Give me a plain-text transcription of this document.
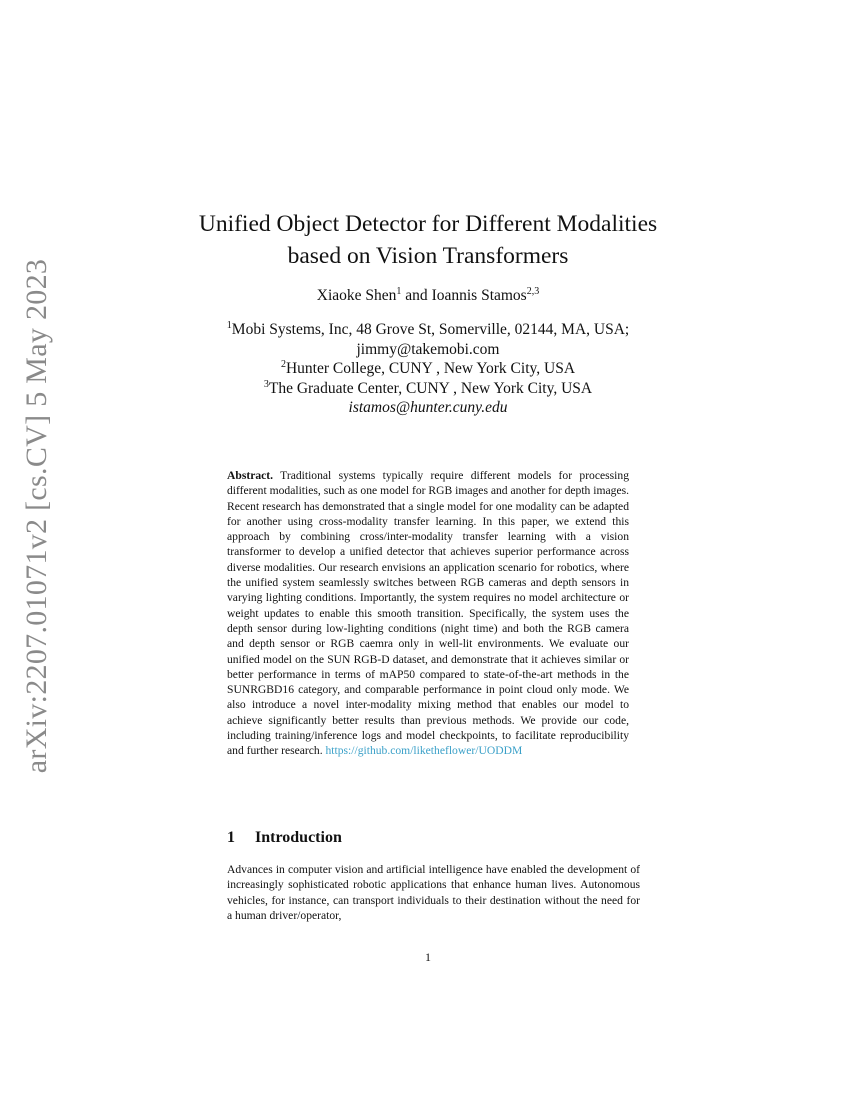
arXiv:2207.01071v2 [cs.CV] 5 May 2023
Unified Object Detector for Different Modalities
based on Vision Transformers
Xiaoke Shen$^1$ and Ioannis Stamos$^{2,3}$
$^1$Mobi Systems, Inc, 48 Grove St, Somerville, 02144, MA, USA;
jimmy@takemobi.com
$^2$Hunter College, CUNY , New York City, USA
$^3$The Graduate Center, CUNY , New York City, USA
istamos@hunter.cuny.edu
Abstract. Traditional systems typically require different models for processing different modalities, such as one model for RGB images and another for depth images. Recent research has demonstrated that a single model for one modality can be adapted for another using cross-modality transfer learning. In this paper, we extend this approach by combining cross/inter-modality transfer learning with a vision transformer to develop a unified detector that achieves superior performance across diverse modalities. Our research envisions an application scenario for robotics, where the unified system seamlessly switches between RGB cameras and depth sensors in varying lighting conditions. Importantly, the system requires no model architecture or weight updates to enable this smooth transition. Specifically, the system uses the depth sensor during low-lighting conditions (night time) and both the RGB camera and depth sensor or RGB caemra only in well-lit environments. We evaluate our unified model on the SUN RGB-D dataset, and demonstrate that it achieves similar or better performance in terms of mAP50 compared to state-of-the-art methods in the SUNRGBD16 category, and comparable performance in point cloud only mode. We also introduce a novel inter-modality mixing method that enables our model to achieve significantly better results than previous methods. We provide our code, including training/inference logs and model checkpoints, to facilitate reproducibility and further research. https://github.com/liketheflower/UODDM
1 Introduction
Advances in computer vision and artificial intelligence have enabled the development of increasingly sophisticated robotic applications that enhance human lives. Autonomous vehicles, for instance, can transport individuals to their destination without the need for a human driver/operator,
1
